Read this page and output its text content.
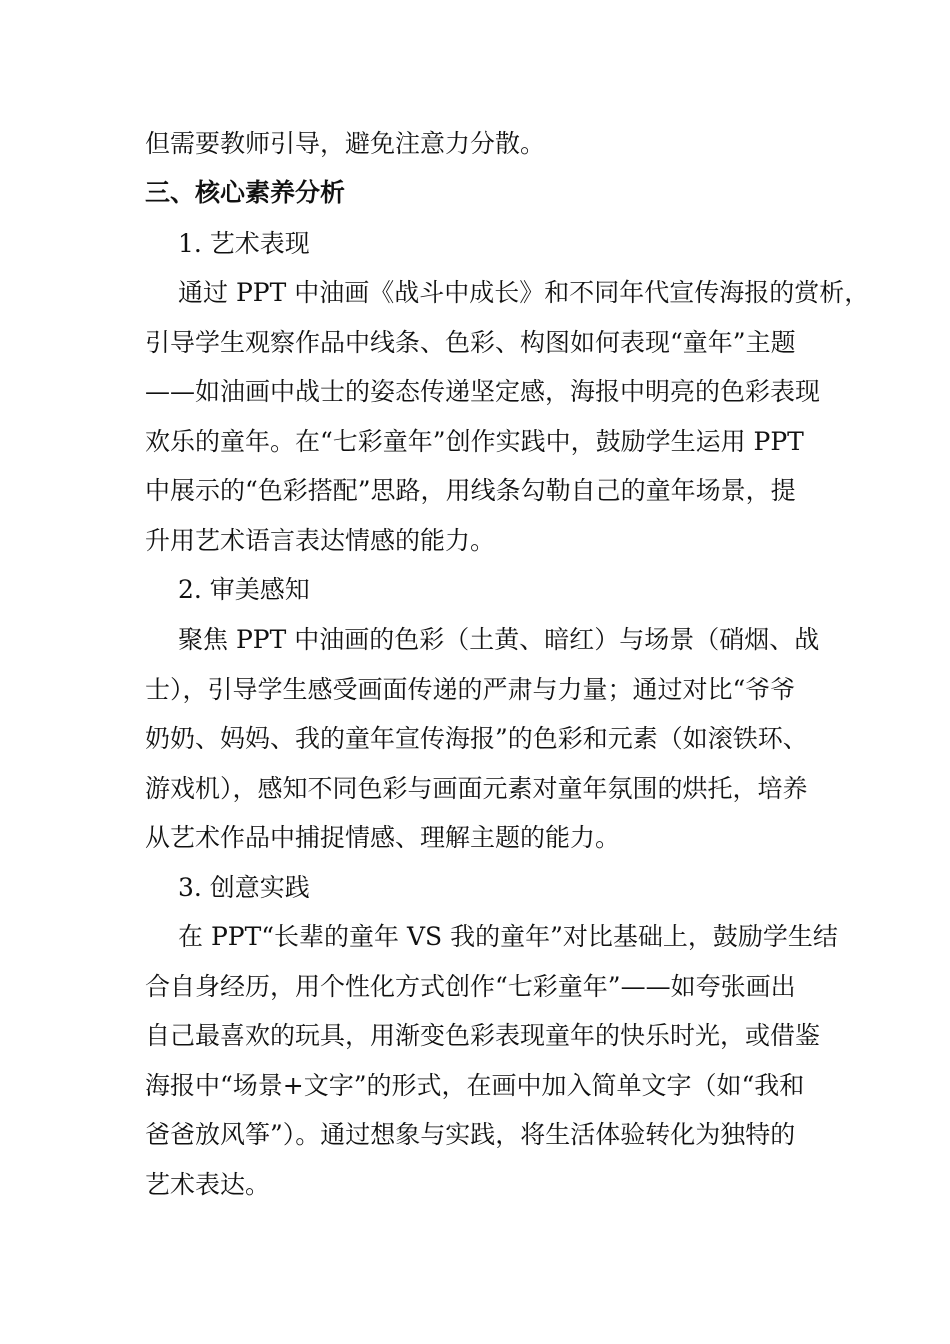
但需要教师引导，避免注意力分散。
三、核心素养分析
1. 艺术表现
通过 PPT 中油画《战斗中成长》和不同年代宣传海报的赏析，
引导学生观察作品中线条、色彩、构图如何表现“童年”主题
——如油画中战士的姿态传递坚定感，海报中明亮的色彩表现
欢乐的童年。在“七彩童年”创作实践中，鼓励学生运用 PPT
中展示的“色彩搭配”思路，用线条勾勒自己的童年场景，提
升用艺术语言表达情感的能力。
2. 审美感知
聚焦 PPT 中油画的色彩（土黄、暗红）与场景（硝烟、战
士），引导学生感受画面传递的严肃与力量；通过对比“爷爷
奶奶、妈妈、我的童年宣传海报”的色彩和元素（如滚铁环、
游戏机），感知不同色彩与画面元素对童年氛围的烘托，培养
从艺术作品中捕捉情感、理解主题的能力。
3. 创意实践
在 PPT“长辈的童年 VS 我的童年”对比基础上，鼓励学生结
合自身经历，用个性化方式创作“七彩童年”——如夸张画出
自己最喜欢的玩具，用渐变色彩表现童年的快乐时光，或借鉴
海报中“场景+文字”的形式，在画中加入简单文字（如“我和
爸爸放风筝”）。通过想象与实践，将生活体验转化为独特的
艺术表达。
